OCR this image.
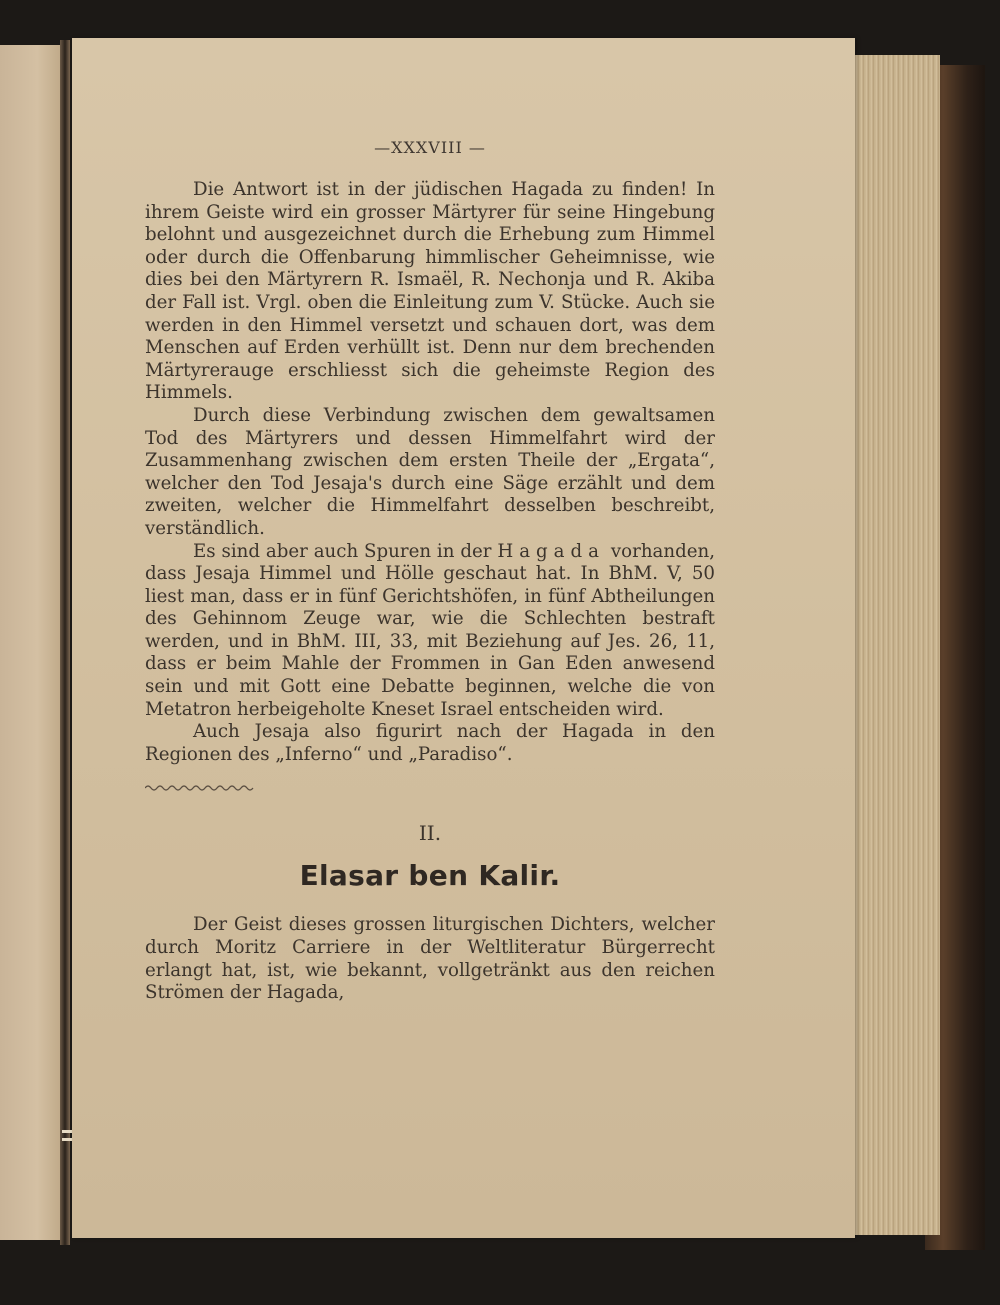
—XXXVIII —

Die Antwort ist in der jüdischen Hagada zu finden! In ihrem Geiste wird ein grosser Märtyrer für seine Hingebung belohnt und ausgezeichnet durch die Erhebung zum Himmel oder durch die Offenbarung himmlischer Geheimnisse, wie dies bei den Märtyrern R. Ismaël, R. Nechonja und R. Akiba der Fall ist. Vrgl. oben die Einleitung zum V. Stücke. Auch sie werden in den Himmel versetzt und schauen dort, was dem Menschen auf Erden verhüllt ist. Denn nur dem brechenden Märtyrerauge erschliesst sich die geheimste Region des Himmels.

Durch diese Verbindung zwischen dem gewaltsamen Tod des Märtyrers und dessen Himmelfahrt wird der Zusammenhang zwischen dem ersten Theile der „Ergata“, welcher den Tod Jesaja's durch eine Säge erzählt und dem zweiten, welcher die Himmelfahrt desselben beschreibt, verständlich.

Es sind aber auch Spuren in der Hagada vorhanden, dass Jesaja Himmel und Hölle geschaut hat. In BhM. V, 50 liest man, dass er in fünf Gerichtshöfen, in fünf Abtheilungen des Gehinnom Zeuge war, wie die Schlechten bestraft werden, und in BhM. III, 33, mit Beziehung auf Jes. 26, 11, dass er beim Mahle der Frommen in Gan Eden anwesend sein und mit Gott eine Debatte beginnen, welche die von Metatron herbeigeholte Kneset Israel entscheiden wird.

Auch Jesaja also figurirt nach der Hagada in den Regionen des „Inferno“ und „Paradiso“.

II.
Elasar ben Kalir.

Der Geist dieses grossen liturgischen Dichters, welcher durch Moritz Carriere in der Weltliteratur Bürgerrecht erlangt hat, ist, wie bekannt, vollgetränkt aus den reichen Strömen der Hagada,
